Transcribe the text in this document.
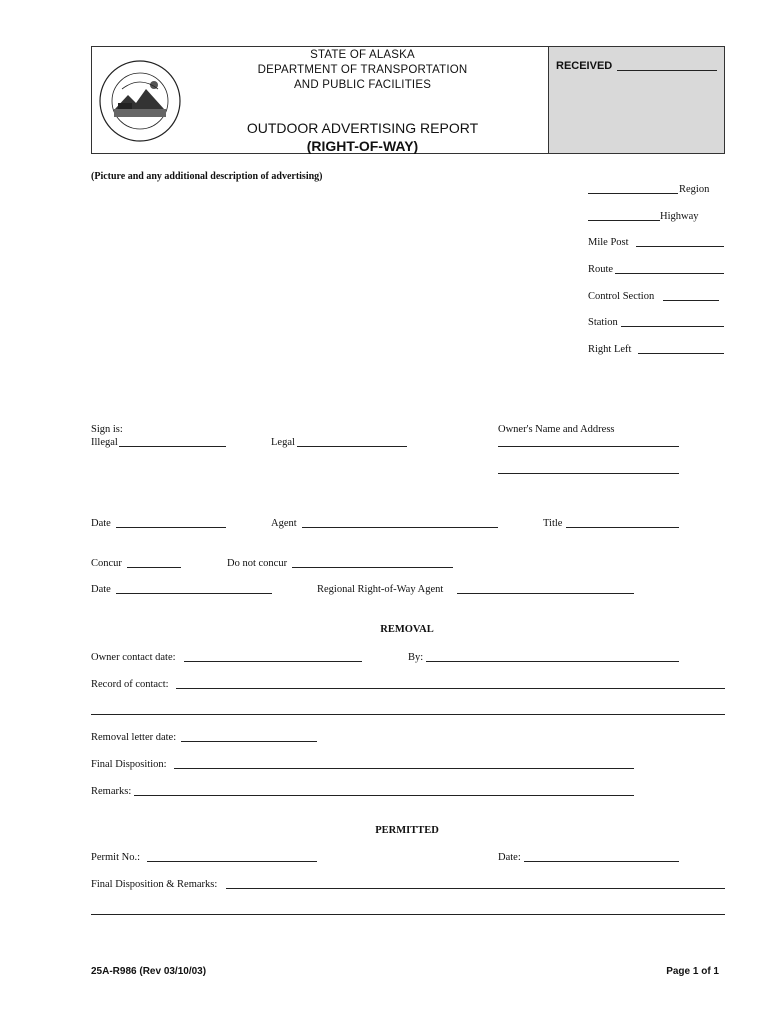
RECEIVED
STATE OF ALASKA
DEPARTMENT OF TRANSPORTATION
AND PUBLIC FACILITIES
OUTDOOR ADVERTISING REPORT
(RIGHT-OF-WAY)
(Picture and any additional description of advertising)
Region
Highway
Mile Post
Route
Control Section
Station
Right Left
Sign is:
Illegal	Legal
Owner's Name and Address
Date	Agent	Title
Concur	Do not concur
Date	Regional Right-of-Way Agent
REMOVAL
Owner contact date:	By:
Record of contact:
Removal letter date:
Final Disposition:
Remarks:
PERMITTED
Permit No.:	Date:
Final Disposition & Remarks:
25A-R986 (Rev 03/10/03)	Page 1 of 1
